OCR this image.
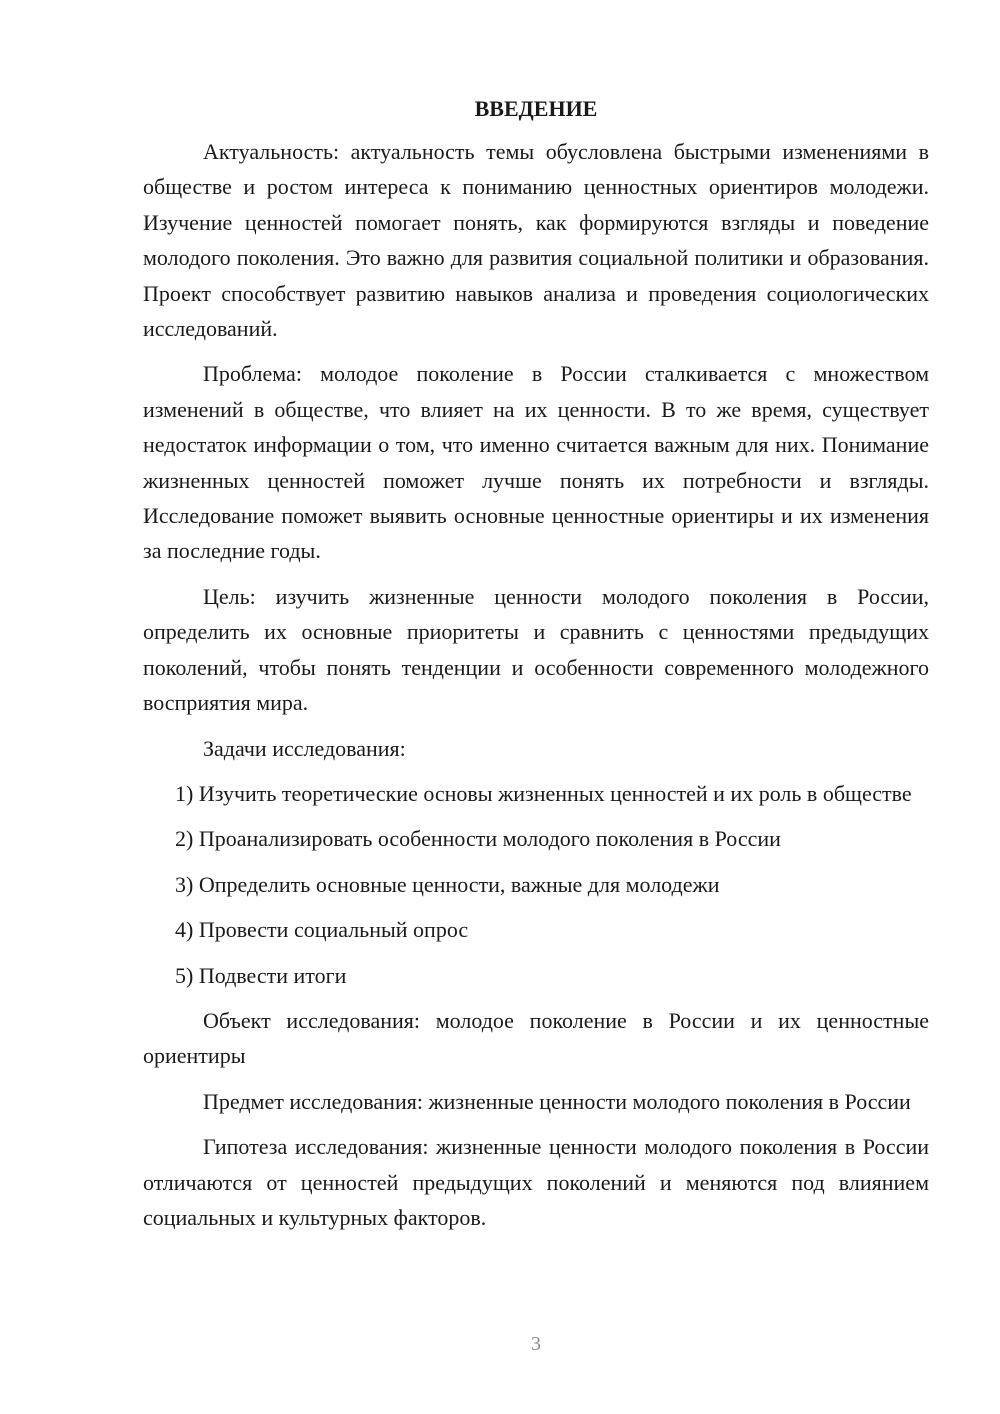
ВВЕДЕНИЕ

Актуальность: актуальность темы обусловлена быстрыми изменениями в обществе и ростом интереса к пониманию ценностных ориентиров молодежи. Изучение ценностей помогает понять, как формируются взгляды и поведение молодого поколения. Это важно для развития социальной политики и образования. Проект способствует развитию навыков анализа и проведения социологических исследований.

Проблема: молодое поколение в России сталкивается с множеством изменений в обществе, что влияет на их ценности. В то же время, существует недостаток информации о том, что именно считается важным для них. Понимание жизненных ценностей поможет лучше понять их потребности и взгляды. Исследование поможет выявить основные ценностные ориентиры и их изменения за последние годы.

Цель: изучить жизненные ценности молодого поколения в России, определить их основные приоритеты и сравнить с ценностями предыдущих поколений, чтобы понять тенденции и особенности современного молодежного восприятия мира.

Задачи исследования:

1) Изучить теоретические основы жизненных ценностей и их роль в обществе

2) Проанализировать особенности молодого поколения в России

3) Определить основные ценности, важные для молодежи

4) Провести социальный опрос

5) Подвести итоги

Объект исследования: молодое поколение в России и их ценностные ориентиры

Предмет исследования: жизненные ценности молодого поколения в России

Гипотеза исследования: жизненные ценности молодого поколения в России отличаются от ценностей предыдущих поколений и меняются под влиянием социальных и культурных факторов.

3
